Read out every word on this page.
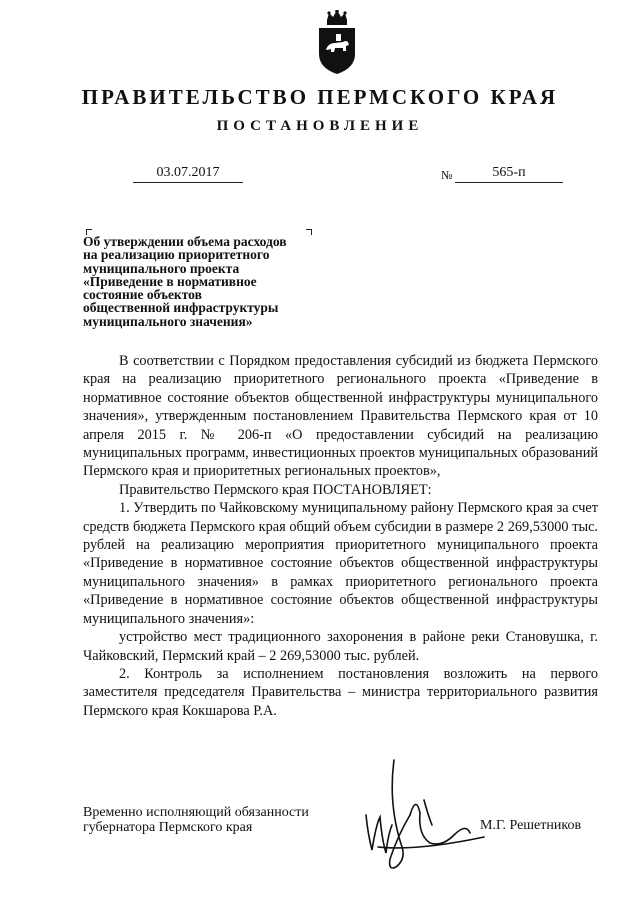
ПРАВИТЕЛЬСТВО ПЕРМСКОГО КРАЯ
ПОСТАНОВЛЕНИЕ
03.07.2017	№	565-п
Об утверждении объема расходов
на реализацию приоритетного
муниципального проекта
«Приведение в нормативное
состояние объектов
общественной инфраструктуры
муниципального значения»

В соответствии с Порядком предоставления субсидий из бюджета Пермского края на реализацию приоритетного регионального проекта «Приведение в нормативное состояние объектов общественной инфраструктуры муниципального значения», утвержденным постановлением Правительства Пермского края от 10 апреля 2015 г. № 206-п «О предоставлении субсидий на реализацию муниципальных программ, инвестиционных проектов муниципальных образований Пермского края и приоритетных региональных проектов»,

Правительство Пермского края ПОСТАНОВЛЯЕТ:

1. Утвердить по Чайковскому муниципальному району Пермского края за счет средств бюджета Пермского края общий объем субсидии в размере 2 269,53000 тыс. рублей на реализацию мероприятия приоритетного муниципального проекта «Приведение в нормативное состояние объектов общественной инфраструктуры муниципального значения» в рамках приоритетного регионального проекта «Приведение в нормативное состояние объектов общественной инфраструктуры муниципального значения»:

устройство мест традиционного захоронения в районе реки Становушка, г. Чайковский, Пермский край – 2 269,53000 тыс. рублей.

2. Контроль за исполнением постановления возложить на первого заместителя председателя Правительства – министра территориального развития Пермского края Кокшарова Р.А.

Временно исполняющий обязанности
губернатора Пермского края	М.Г. Решетников
